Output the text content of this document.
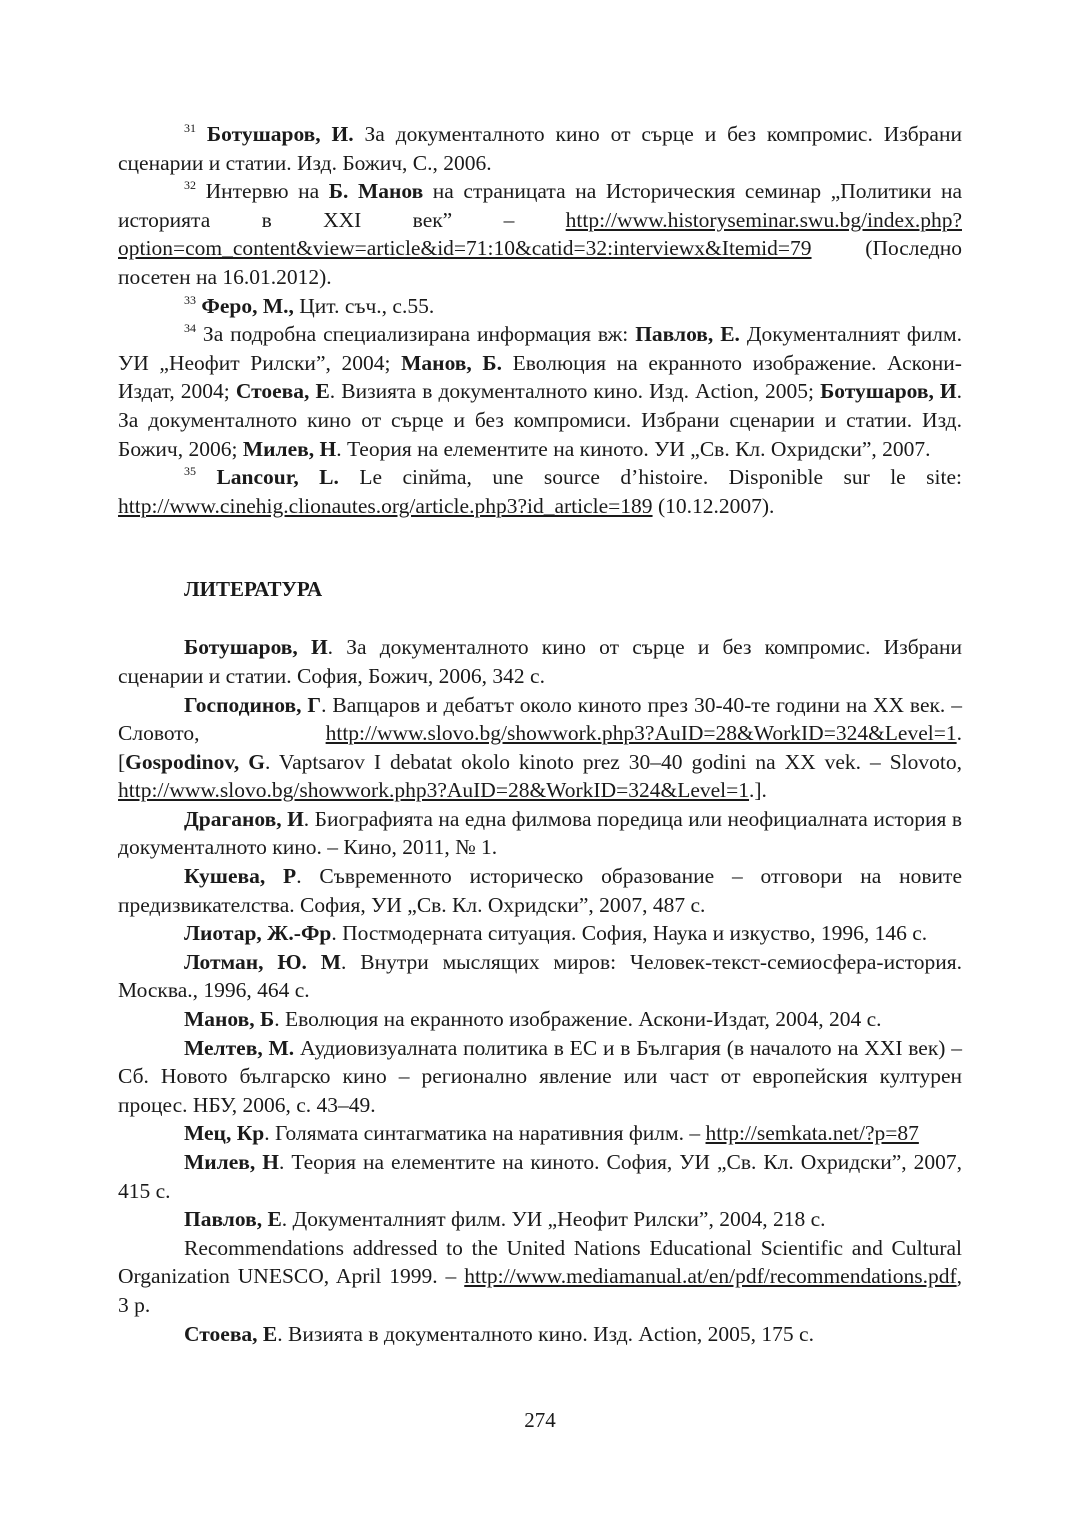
$^{31}$ Ботушаров, И. За документалното кино от сърце и без компромис. Избрани сценарии и статии. Изд. Божич, С., 2006.

$^{32}$ Интервю на Б. Манов на страницата на Историческия семинар „Политики на историята в XXI век” – http://www.historyseminar.swu.bg/index.php?option=com_content&view=article&id=71:10&catid=32:interviewx&Itemid=79 (Последно посетен на 16.01.2012).

$^{33}$ Феро, М., Цит. съч., с.55.

$^{34}$ За подробна специализирана информация вж: Павлов, Е. Документалният филм. УИ „Неофит Рилски”, 2004; Манов, Б. Еволюция на екранното изображение. Аскони-Издат, 2004; Стоева, Е. Визията в документалното кино. Изд. Action, 2005; Ботушаров, И. За документалното кино от сърце и без компромиси. Избрани сценарии и статии. Изд. Божич, 2006; Милев, Н. Теория на елементите на киното. УИ „Св. Кл. Охридски”, 2007.

$^{35}$ Lancour, L. Le cinйma, une source d’histoire. Disponible sur le site: http://www.cinehig.clionautes.org/article.php3?id_article=189 (10.12.2007).

ЛИТЕРАТУРА

Ботушаров, И. За документалното кино от сърце и без компромис. Избрани сценарии и статии. София, Божич, 2006, 342 с.

Господинов, Г. Вапцаров и дебатът около киното през 30-40-те години на XX век. – Словото, http://www.slovo.bg/showwork.php3?AuID=28&WorkID=324&Level=1. [Gospodinov, G. Vaptsarov I debatat okolo kinoto prez 30–40 godini na XX vek. – Slovoto, http://www.slovo.bg/showwork.php3?AuID=28&WorkID=324&Level=1.].

Драганов, И. Биографията на една филмова поредица или неофициалната история в документалното кино. – Кино, 2011, № 1.

Кушева, Р. Съвременното историческо образование – отговори на новите предизвикателства. София, УИ „Св. Кл. Охридски”, 2007, 487 с.

Лиотар, Ж.-Фр. Постмодерната ситуация. София, Наука и изкуство, 1996, 146 с.

Лотман, Ю. М. Внутри мыслящих миров: Человек-текст-семиосфера-история. Москва., 1996, 464 с.

Манов, Б. Еволюция на екранното изображение. Аскони-Издат, 2004, 204 с.

Мелтев, М. Аудиовизуалната политика в ЕС и в България (в началото на XXI век) – Сб. Новото българско кино – регионално явление или част от европейския културен процес. НБУ, 2006, с. 43–49.

Мец, Кр. Голямата синтагматика на наративния филм. – http://semkata.net/?p=87

Милев, Н. Теория на елементите на киното. София, УИ „Св. Кл. Охридски”, 2007, 415 с.

Павлов, Е. Документалният филм. УИ „Неофит Рилски”, 2004, 218 с.

Recommendations addressed to the United Nations Educational Scientific and Cultural Organization UNESCO, April 1999. – http://www.mediamanual.at/en/pdf/recommendations.pdf, 3 p.

Стоева, Е. Визията в документалното кино. Изд. Action, 2005, 175 с.

274
